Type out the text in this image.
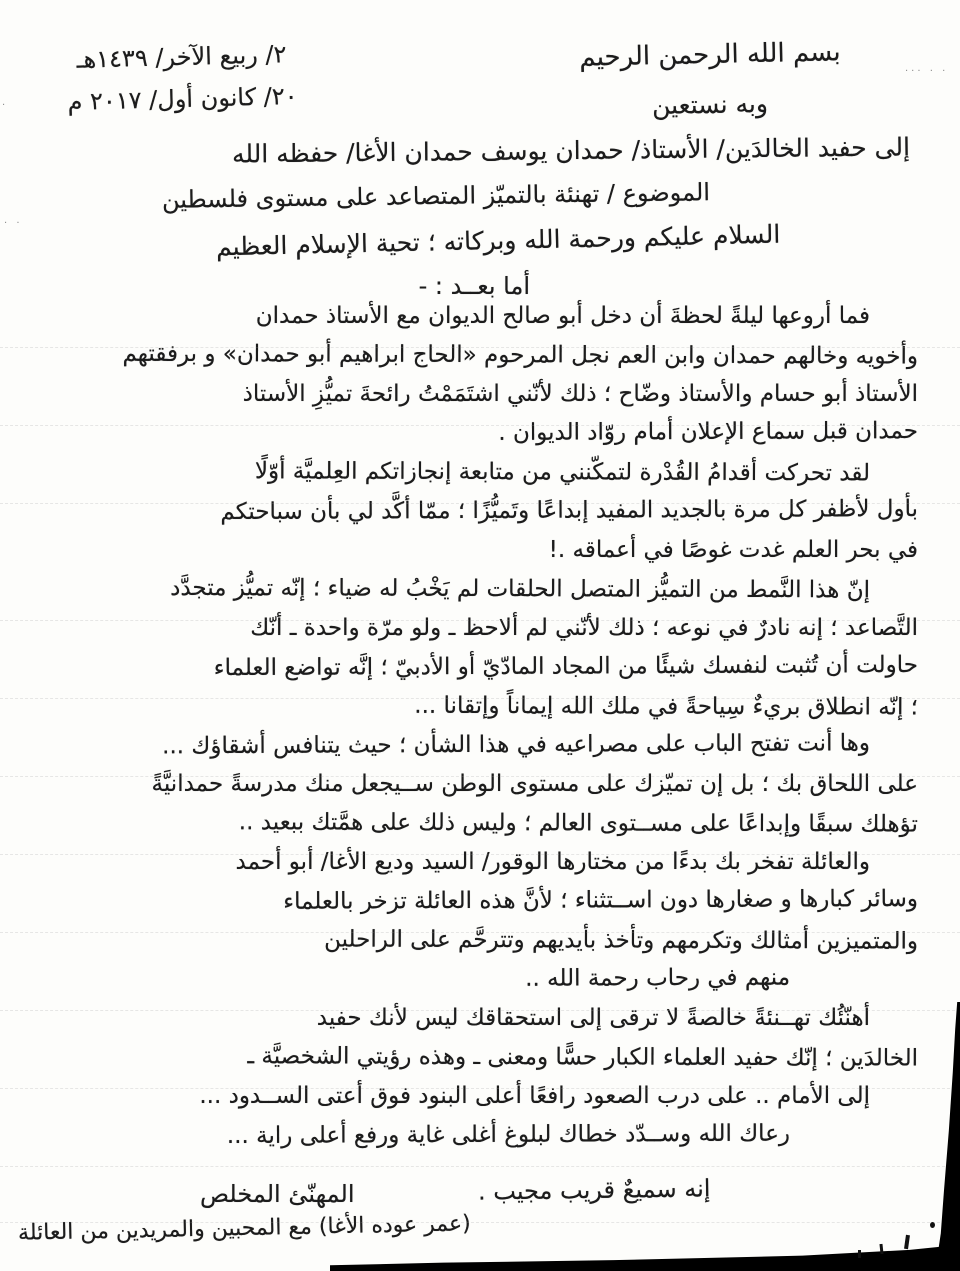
بسم الله الرحمن الرحيم
وبه نستعين
٢/ ربيع الآخر/ ١٤٣٩هـ
٢٠/ كانون أول/ ٢٠١٧ م
إلى حفيد الخالدَين/ الأستاذ/ حمدان يوسف حمدان الأغا/ حفظه الله
الموضوع / تهنئة بالتميّز المتصاعد على مستوى فلسطين
السلام عليكم ورحمة الله وبركاته ؛ تحية الإسلام العظيم
أما بعــد : -
فما أروعها ليلةً لحظةَ أن دخل أبو صالح الديوان مع الأستاذ حمدان
وأخويه وخالهم حمدان وابن العم نجل المرحوم «الحاج ابراهيم أبو حمدان» و برفقتهم
الأستاذ أبو حسام والأستاذ وضّاح ؛ ذلك لأنّني اشتَمَمْتُ رائحةَ تميُّزِ الأستاذ
حمدان قبل سماع الإعلان أمام روّاد الديوان .
لقد تحركت أقدامُ القُدْرة لتمكّنني من متابعة إنجازاتكم العِلميَّة أوّلًا
بأول لأظفر كل مرة بالجديد المفيد إبداعًا وتَميُّزًا ؛ ممّا أكَّد لي بأن سباحتكم
في بحر العلم غدت غوصًا في أعماقه .!
إنّ هذا النَّمط من التميُّز المتصل الحلقات لم يَخْبُ له ضياء ؛ إنّه تميُّز متجدَّد
التَّصاعد ؛ إنه نادرٌ في نوعه ؛ ذلك لأنّني لم ألاحظ ـ ولو مرّة واحدة ـ أنّك
حاولت أن تُثبت لنفسك شيئًا من المجاد المادّيّ أو الأدبيّ ؛ إنَّه تواضع العلماء
؛ إنّه انطلاق بريءٌ سِياحةً في ملك الله إيماناً وإتقانا ...
وها أنت تفتح الباب على مصراعيه في هذا الشأن ؛ حيث يتنافس أشقاؤك ...
على اللحاق بك ؛ بل إن تميّزك على مستوى الوطن ســيجعل منك مدرسةً حمدانيَّةً
تؤهلك سبقًا وإبداعًا على مســتوى العالم ؛ وليس ذلك على همَّتك ببعيد ..
والعائلة تفخر بك بدءًا من مختارها الوقور/ السيد وديع الأغا/ أبو أحمد
وسائر كبارها و صغارها دون اســتثناء ؛ لأنَّ هذه العائلة تزخر بالعلماء
والمتميزين أمثالك وتكرمهم وتأخذ بأيديهم وتترحَّم على الراحلين
منهم في رحاب رحمة الله ..
أهنّئُك تهــنئةً خالصةً لا ترقى إلى استحقاقك ليس لأنك حفيد
الخالدَين ؛ إنّك حفيد العلماء الكبار حسًّا ومعنى ـ وهذه رؤيتي الشخصيَّة ـ
إلى الأمام .. على درب الصعود رافعًا أعلى البنود فوق أعتى الســدود ...
رعاك الله وســدّد خطاك لبلوغ أغلى غاية ورفع أعلى راية ...
إنه سميعٌ قريب مجيب .
المهنّئ المخلص
(عمر عوده الأغا) مع المحبين والمريدين من العائلة
· · ···
·
· ·
